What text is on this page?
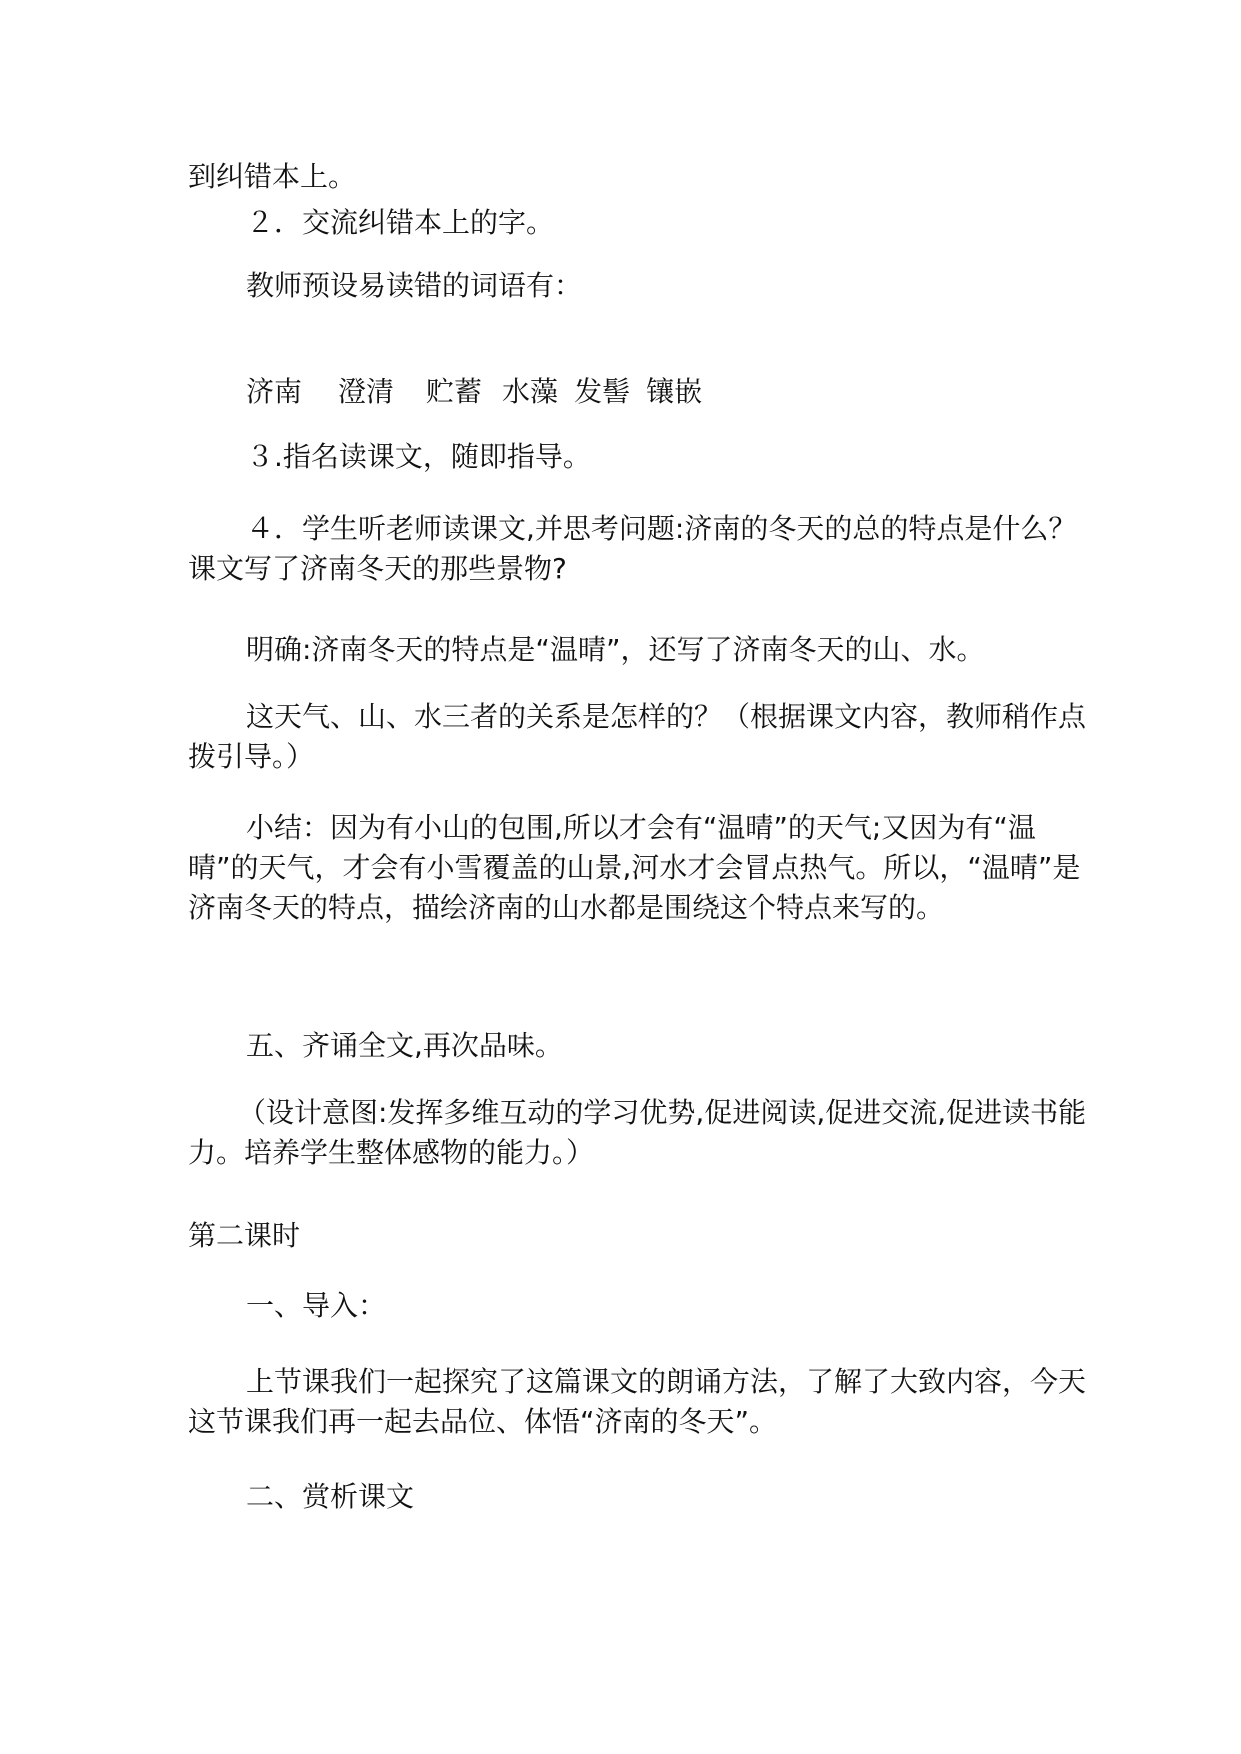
到纠错本上。

２．交流纠错本上的字。

教师预设易读错的词语有：

济南 澄清 贮蓄 水藻 发髻 镶嵌

３.指名读课文，随即指导。

４．学生听老师读课文,并思考问题:济南的冬天的总的特点是什么？课文写了济南冬天的那些景物?

明确:济南冬天的特点是“温晴”，还写了济南冬天的山、水。

这天气、山、水三者的关系是怎样的？（根据课文内容，教师稍作点拨引导。）

小结：因为有小山的包围,所以才会有“温晴”的天气;又因为有“温晴”的天气，才会有小雪覆盖的山景,河水才会冒点热气。所以，“温晴”是济南冬天的特点，描绘济南的山水都是围绕这个特点来写的。

五、齐诵全文,再次品味。

（设计意图:发挥多维互动的学习优势,促进阅读,促进交流,促进读书能力。培养学生整体感物的能力。）

第二课时

一、导入：

上节课我们一起探究了这篇课文的朗诵方法，了解了大致内容，今天这节课我们再一起去品位、体悟“济南的冬天”。

二、赏析课文
